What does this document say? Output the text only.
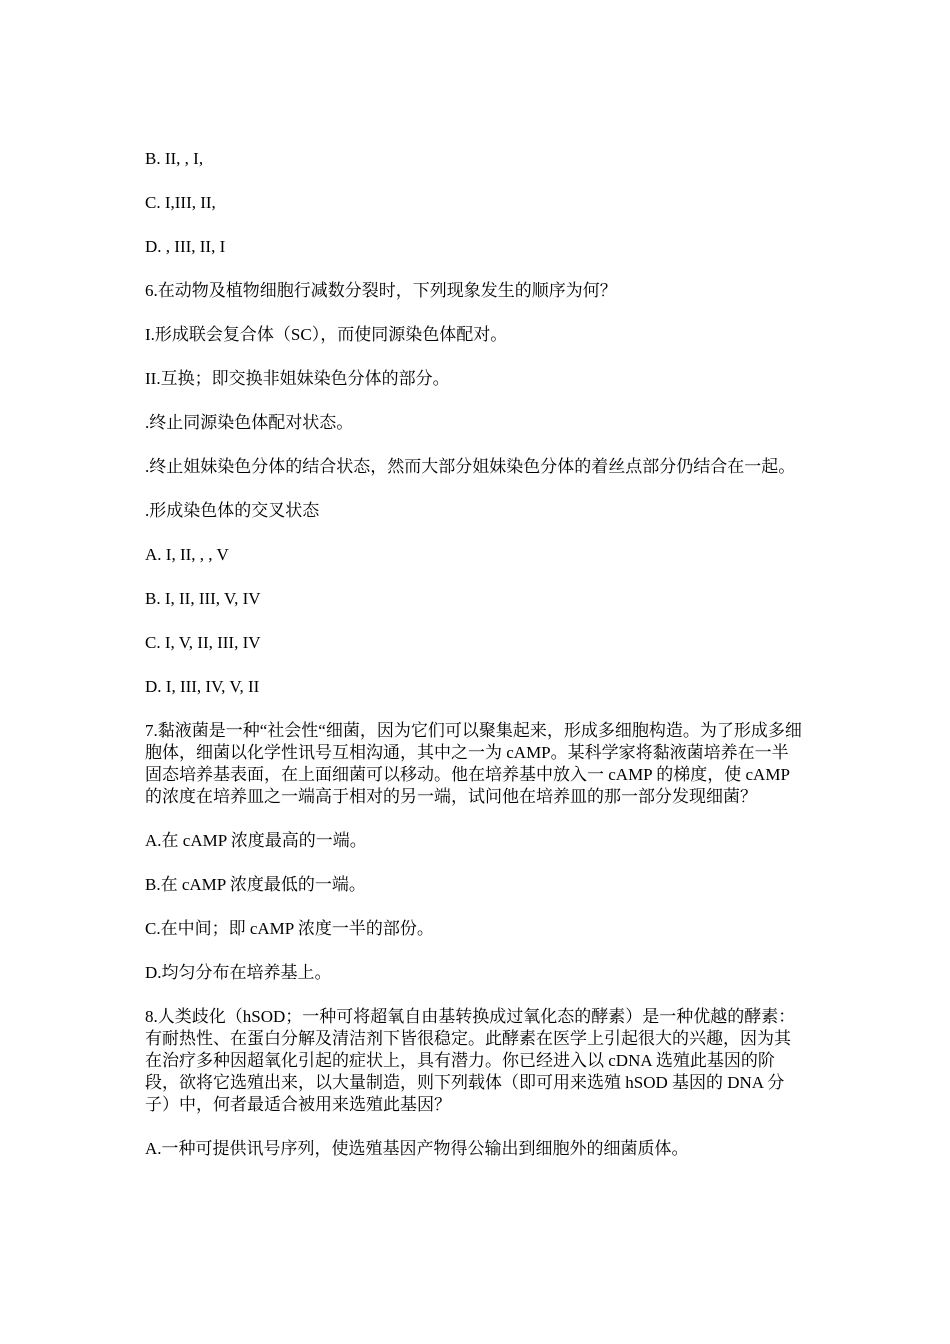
B. II, , I,

C. I,III, II,

D. , III, II, I

6.在动物及植物细胞行减数分裂时，下列现象发生的顺序为何？

I.形成联会复合体（SC），而使同源染色体配对。

II.互换；即交换非姐妹染色分体的部分。

.终止同源染色体配对状态。

.终止姐妹染色分体的结合状态，然而大部分姐妹染色分体的着丝点部分仍结合在一起。

.形成染色体的交叉状态

A. I, II, , , V

B. I, II, III, V, IV

C. I, V, II, III, IV

D. I, III, IV, V, II

7.黏液菌是一种“社会性“细菌，因为它们可以聚集起来，形成多细胞构造。为了形成多细胞体，细菌以化学性讯号互相沟通，其中之一为 cAMP。某科学家将黏液菌培养在一半固态培养基表面，在上面细菌可以移动。他在培养基中放入一 cAMP 的梯度，使 cAMP 的浓度在培养皿之一端高于相对的另一端，试问他在培养皿的那一部分发现细菌？

A.在 cAMP 浓度最高的一端。

B.在 cAMP 浓度最低的一端。

C.在中间；即 cAMP 浓度一半的部份。

D.均匀分布在培养基上。

8.人类歧化（hSOD；一种可将超氧自由基转换成过氧化态的酵素）是一种优越的酵素：有耐热性、在蛋白分解及清洁剂下皆很稳定。此酵素在医学上引起很大的兴趣，因为其在治疗多种因超氧化引起的症状上，具有潜力。你已经进入以 cDNA 选殖此基因的阶段，欲将它选殖出来，以大量制造，则下列载体（即可用来选殖 hSOD 基因的 DNA 分子）中，何者最适合被用来选殖此基因？

A.一种可提供讯号序列，使选殖基因产物得公输出到细胞外的细菌质体。
